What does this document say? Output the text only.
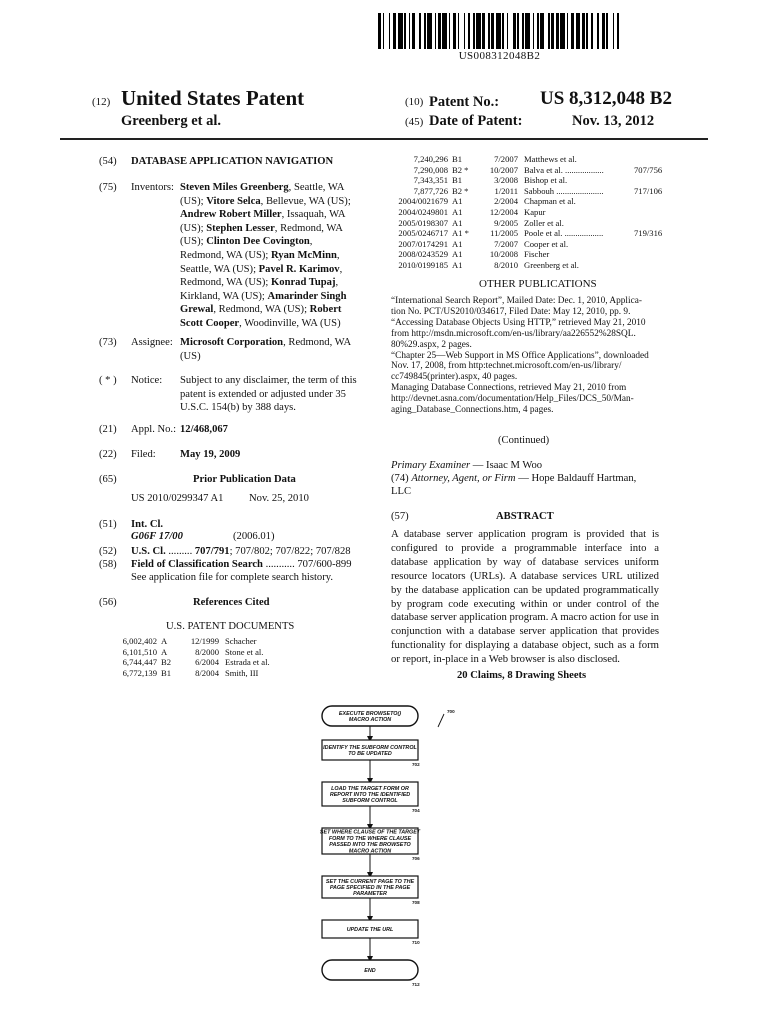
US008312048B2
(12) United States Patent
Greenberg et al.
(10) Patent No.: US 8,312,048 B2
(45) Date of Patent:	Nov. 13, 2012
(54) DATABASE APPLICATION NAVIGATION
(75) Inventors: Steven Miles Greenberg, Seattle, WA
(US); Vitore Selca, Bellevue, WA (US);
Andrew Robert Miller, Issaquah, WA
(US); Stephen Lesser, Redmond, WA
(US); Clinton Dee Covington,
Redmond, WA (US); Ryan McMinn,
Seattle, WA (US); Pavel R. Karimov,
Redmond, WA (US); Konrad Tupaj,
Kirkland, WA (US); Amarinder Singh
Grewal, Redmond, WA (US); Robert
Scott Cooper, Woodinville, WA (US)
(73) Assignee: Microsoft Corporation, Redmond, WA
(US)
( * ) Notice: Subject to any disclaimer, the term of this
patent is extended or adjusted under 35
U.S.C. 154(b) by 388 days.
(21) Appl. No.: 12/468,067
(22) Filed: May 19, 2009
(65)	Prior Publication Data
US 2010/0299347 A1 Nov. 25, 2010
(51) Int. Cl.
G06F 17/00	(2006.01)
(52) U.S. Cl. ......... 707/791; 707/802; 707/822; 707/828
(58) Field of Classification Search ........... 707/600-899
See application file for complete search history.
(56)	References Cited
U.S. PATENT DOCUMENTS
6,002,402 A	12/1999 Schacher
6,101,510 A	8/2000 Stone et al.
6,744,447 B2	6/2004 Estrada et al.
6,772,139 B1	8/2004 Smith, III
7,240,296 B1	7/2007 Matthews et al.
7,290,008 B2 *	10/2007 Balva et al. ..................	707/756
7,343,351 B1	3/2008 Bishop et al.
7,877,726 B2 *	1/2011 Sabbouh ......................	717/106
2004/0021679 A1	2/2004 Chapman et al.
2004/0249801 A1	12/2004 Kapur
2005/0198307 A1	9/2005 Zoller et al.
2005/0246717 A1 *	11/2005 Poole et al. ..................	719/316
2007/0174291 A1	7/2007 Cooper et al.
2008/0243529 A1	10/2008 Fischer
2010/0199185 A1	8/2010 Greenberg et al.
OTHER PUBLICATIONS
“International Search Report”, Mailed Date: Dec. 1, 2010, Applica-
tion No. PCT/US2010/034617, Filed Date: May 12, 2010, pp. 9.
“Accessing Database Objects Using HTTP,” retrieved May 21, 2010
from http://msdn.microsoft.com/en-us/library/aa226552%28SQL.
80%29.aspx, 2 pages.
“Chapter 25—Web Support in MS Office Applications”, downloaded
Nov. 17, 2008, from http:technet.microsoft.com/en-us/library/
cc749845(printer).aspx, 40 pages.
Managing Database Connections, retrieved May 21, 2010 from
http://devnet.asna.com/documentation/Help_Files/DCS_50/Man-
aging_Database_Connections.htm, 4 pages.
(Continued)
Primary Examiner — Isaac M Woo
(74) Attorney, Agent, or Firm — Hope Baldauff Hartman,
LLC
(57)	ABSTRACT
A database server application program is provided that is configured to provide a programmable interface into a database application by way of database services uniform resource locators (URLs). A database services URL utilized by the database application can be updated programmatically by program code executing within or under control of the database server application program. A macro action for use in conjunction with a database server application that provides functionality for displaying a database object, such as a form or report, in-place in a Web browser is also disclosed.
20 Claims, 8 Drawing Sheets
EXECUTE BROWSETO()
MACRO ACTION
700
IDENTIFY THE SUBFORM CONTROL
TO BE UPDATED
702
LOAD THE TARGET FORM OR
REPORT INTO THE IDENTIFIED
SUBFORM CONTROL
704
SET WHERE CLAUSE OF THE TARGET
FORM TO THE WHERE CLAUSE
PASSED INTO THE BROWSETO
MACRO ACTION
706
SET THE CURRENT PAGE TO THE
PAGE SPECIFIED IN THE PAGE
PARAMETER
708
UPDATE THE URL
710
END
712
